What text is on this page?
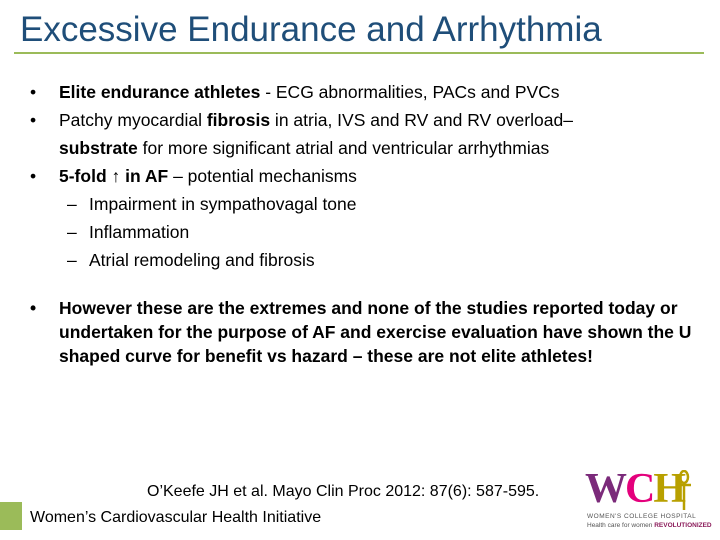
Excessive Endurance and Arrhythmia
• Elite endurance athletes - ECG abnormalities, PACs and PVCs
• Patchy myocardial fibrosis in atria, IVS and RV and RV overload–
substrate for more significant atrial and ventricular arrhythmias
• 5-fold ↑ in AF – potential mechanisms
– Impairment in sympathovagal tone
– Inflammation
– Atrial remodeling and fibrosis
• However these are the extremes and none of the studies reported today or undertaken for the purpose of AF and exercise evaluation have shown the U shaped curve for benefit vs hazard – these are not elite athletes!
O’Keefe JH et al. Mayo Clin Proc 2012: 87(6): 587-595.
Women’s Cardiovascular Health Initiative
WCH
WOMEN'S COLLEGE HOSPITAL
Health care for women REVOLUTIONIZED
